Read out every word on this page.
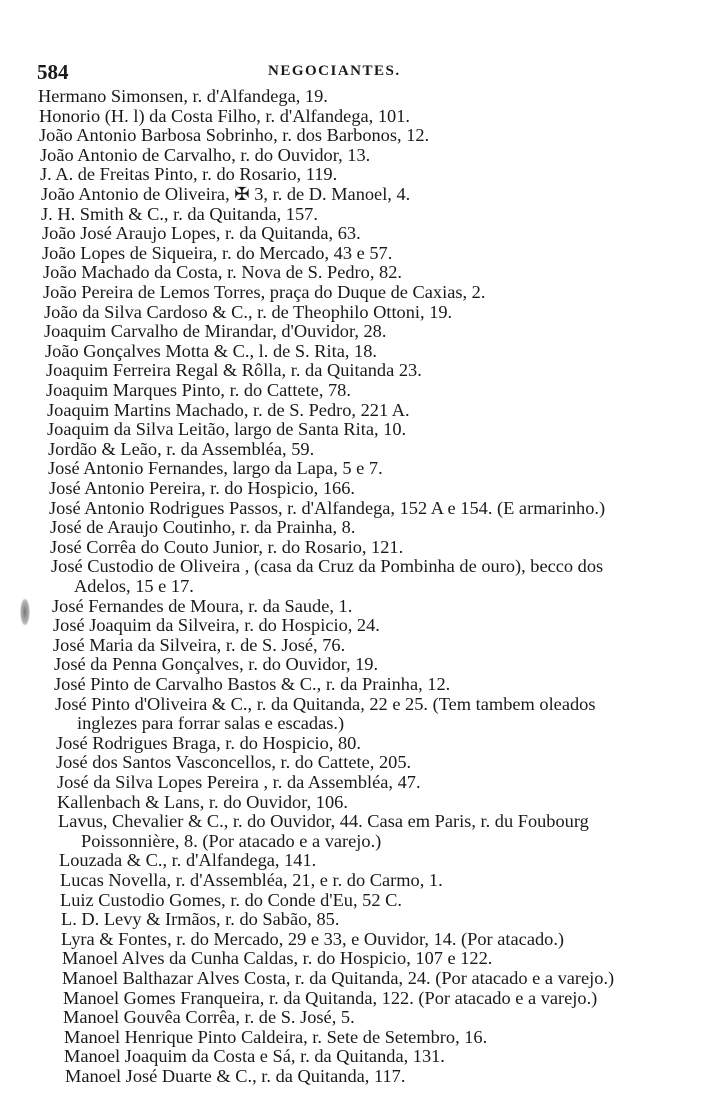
584	NEGOCIANTES.
Hermano Simonsen, r. d'Alfandega, 19.
Honorio (H. l) da Costa Filho, r. d'Alfandega, 101.
João Antonio Barbosa Sobrinho, r. dos Barbonos, 12.
João Antonio de Carvalho, r. do Ouvidor, 13.
J. A. de Freitas Pinto, r. do Rosario, 119.
João Antonio de Oliveira, ✠ 3, r. de D. Manoel, 4.
J. H. Smith & C., r. da Quitanda, 157.
João José Araujo Lopes, r. da Quitanda, 63.
João Lopes de Siqueira, r. do Mercado, 43 e 57.
João Machado da Costa, r. Nova de S. Pedro, 82.
João Pereira de Lemos Torres, praça do Duque de Caxias, 2.
João da Silva Cardoso & C., r. de Theophilo Ottoni, 19.
Joaquim Carvalho de Mirandar, d'Ouvidor, 28.
João Gonçalves Motta & C., l. de S. Rita, 18.
Joaquim Ferreira Regal & Rôlla, r. da Quitanda 23.
Joaquim Marques Pinto, r. do Cattete, 78.
Joaquim Martins Machado, r. de S. Pedro, 221 A.
Joaquim da Silva Leitão, largo de Santa Rita, 10.
Jordão & Leão, r. da Assembléa, 59.
José Antonio Fernandes, largo da Lapa, 5 e 7.
José Antonio Pereira, r. do Hospicio, 166.
José Antonio Rodrigues Passos, r. d'Alfandega, 152 A e 154. (E armarinho.)
José de Araujo Coutinho, r. da Prainha, 8.
José Corrêa do Couto Junior, r. do Rosario, 121.
José Custodio de Oliveira , (casa da Cruz da Pombinha de ouro), becco dos
Adelos, 15 e 17.
José Fernandes de Moura, r. da Saude, 1.
José Joaquim da Silveira, r. do Hospicio, 24.
José Maria da Silveira, r. de S. José, 76.
José da Penna Gonçalves, r. do Ouvidor, 19.
José Pinto de Carvalho Bastos & C., r. da Prainha, 12.
José Pinto d'Oliveira & C., r. da Quitanda, 22 e 25. (Tem tambem oleados
inglezes para forrar salas e escadas.)
José Rodrigues Braga, r. do Hospicio, 80.
José dos Santos Vasconcellos, r. do Cattete, 205.
José da Silva Lopes Pereira , r. da Assembléa, 47.
Kallenbach & Lans, r. do Ouvidor, 106.
Lavus, Chevalier & C., r. do Ouvidor, 44. Casa em Paris, r. du Foubourg
Poissonnière, 8. (Por atacado e a varejo.)
Louzada & C., r. d'Alfandega, 141.
Lucas Novella, r. d'Assembléa, 21, e r. do Carmo, 1.
Luiz Custodio Gomes, r. do Conde d'Eu, 52 C.
L. D. Levy & Irmãos, r. do Sabão, 85.
Lyra & Fontes, r. do Mercado, 29 e 33, e Ouvidor, 14. (Por atacado.)
Manoel Alves da Cunha Caldas, r. do Hospicio, 107 e 122.
Manoel Balthazar Alves Costa, r. da Quitanda, 24. (Por atacado e a varejo.)
Manoel Gomes Franqueira, r. da Quitanda, 122. (Por atacado e a varejo.)
Manoel Gouvêa Corrêa, r. de S. José, 5.
Manoel Henrique Pinto Caldeira, r. Sete de Setembro, 16.
Manoel Joaquim da Costa e Sá, r. da Quitanda, 131.
Manoel José Duarte & C., r. da Quitanda, 117.
